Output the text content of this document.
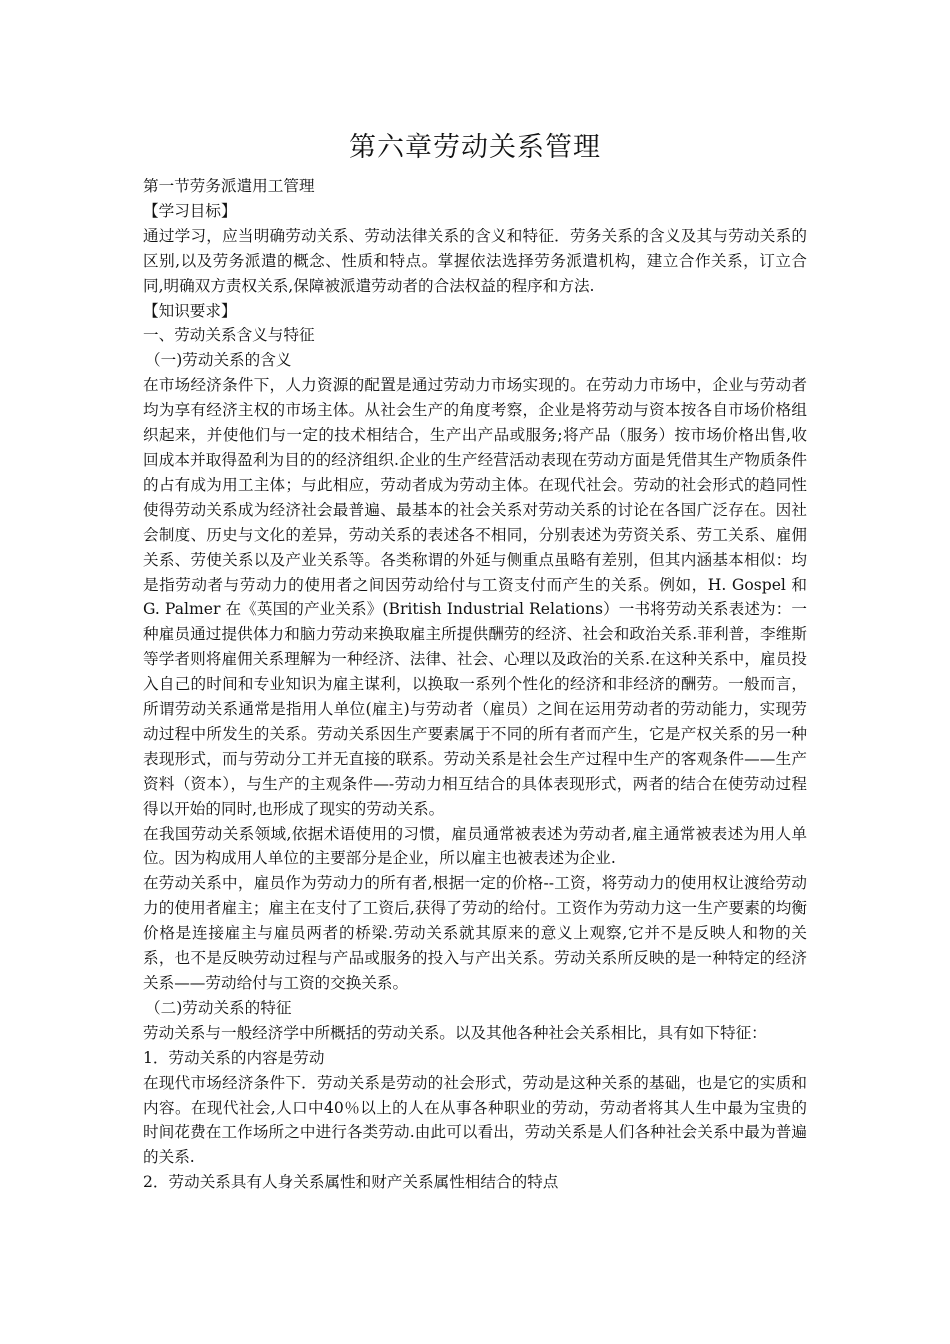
第六章劳动关系管理

第一节劳务派遣用工管理

【学习目标】

通过学习，应当明确劳动关系、劳动法律关系的含义和特征．劳务关系的含义及其与劳动关系的区别,以及劳务派遣的概念、性质和特点。掌握依法选择劳务派遣机构，建立合作关系，订立合同,明确双方责权关系,保障被派遣劳动者的合法权益的程序和方法.

【知识要求】

一、劳动关系含义与特征

（一)劳动关系的含义

在市场经济条件下，人力资源的配置是通过劳动力市场实现的。在劳动力市场中，企业与劳动者均为享有经济主权的市场主体。从社会生产的角度考察，企业是将劳动与资本按各自市场价格组织起来，并使他们与一定的技术相结合，生产出产品或服务;将产品（服务）按市场价格出售,收回成本并取得盈利为目的的经济组织.企业的生产经营活动表现在劳动方面是凭借其生产物质条件的占有成为用工主体；与此相应，劳动者成为劳动主体。在现代社会。劳动的社会形式的趋同性使得劳动关系成为经济社会最普遍、最基本的社会关系对劳动关系的讨论在各国广泛存在。因社会制度、历史与文化的差异，劳动关系的表述各不相同，分别表述为劳资关系、劳工关系、雇佣关系、劳使关系以及产业关系等。各类称谓的外延与侧重点虽略有差别，但其内涵基本相似：均是指劳动者与劳动力的使用者之间因劳动给付与工资支付而产生的关系。例如，H. Gospel 和 G. Palmer 在《英国的产业关系》(British Industrial Relations）一书将劳动关系表述为：一种雇员通过提供体力和脑力劳动来换取雇主所提供酬劳的经济、社会和政治关系.菲利普，李维斯等学者则将雇佣关系理解为一种经济、法律、社会、心理以及政治的关系.在这种关系中，雇员投入自己的时间和专业知识为雇主谋利，以换取一系列个性化的经济和非经济的酬劳。一般而言，所谓劳动关系通常是指用人单位(雇主)与劳动者（雇员）之间在运用劳动者的劳动能力，实现劳动过程中所发生的关系。劳动关系因生产要素属于不同的所有者而产生，它是产权关系的另一种表现形式，而与劳动分工并无直接的联系。劳动关系是社会生产过程中生产的客观条件——生产资料（资本），与生产的主观条件—-劳动力相互结合的具体表现形式，两者的结合在使劳动过程得以开始的同时,也形成了现实的劳动关系。

在我国劳动关系领域,依据术语使用的习惯，雇员通常被表述为劳动者,雇主通常被表述为用人单位。因为构成用人单位的主要部分是企业，所以雇主也被表述为企业.

在劳动关系中，雇员作为劳动力的所有者,根据一定的价格--工资，将劳动力的使用权让渡给劳动力的使用者雇主；雇主在支付了工资后,获得了劳动的给付。工资作为劳动力这一生产要素的均衡价格是连接雇主与雇员两者的桥梁.劳动关系就其原来的意义上观察,它并不是反映人和物的关系，也不是反映劳动过程与产品或服务的投入与产出关系。劳动关系所反映的是一种特定的经济关系——劳动给付与工资的交换关系。

（二)劳动关系的特征

劳动关系与一般经济学中所概括的劳动关系。以及其他各种社会关系相比，具有如下特征：

1．劳动关系的内容是劳动

在现代市场经济条件下．劳动关系是劳动的社会形式，劳动是这种关系的基础，也是它的实质和内容。在现代社会,人口中40％以上的人在从事各种职业的劳动，劳动者将其人生中最为宝贵的时间花费在工作场所之中进行各类劳动.由此可以看出，劳动关系是人们各种社会关系中最为普遍的关系.

2．劳动关系具有人身关系属性和财产关系属性相结合的特点
